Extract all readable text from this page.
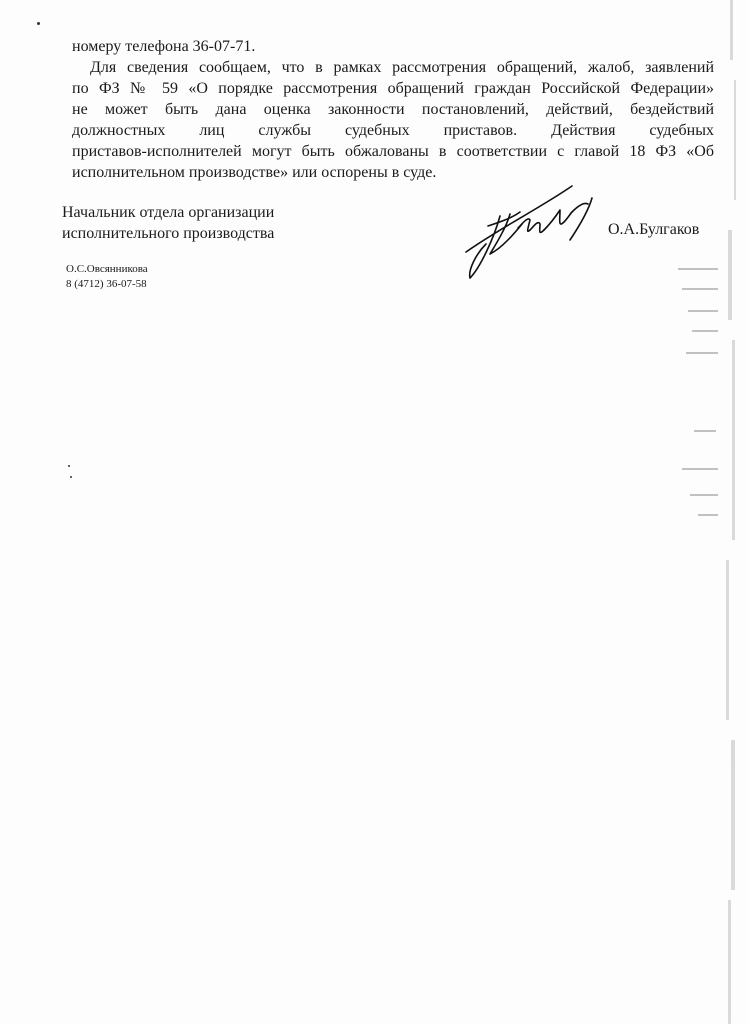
номеру телефона 36-07-71.

Для сведения сообщаем, что в рамках рассмотрения обращений, жалоб, заявлений
по ФЗ № 59 «О порядке рассмотрения обращений граждан Российской Федерации»
не может быть дана оценка законности постановлений, действий, бездействий
должностных лиц службы судебных приставов. Действия судебных
приставов-исполнителей могут быть обжалованы в соответствии с главой 18 ФЗ «Об
исполнительном производстве» или оспорены в суде.
Начальник отдела организации
исполнительного производства	О.А.Булгаков
О.С.Овсянникова
8 (4712) 36-07-58
